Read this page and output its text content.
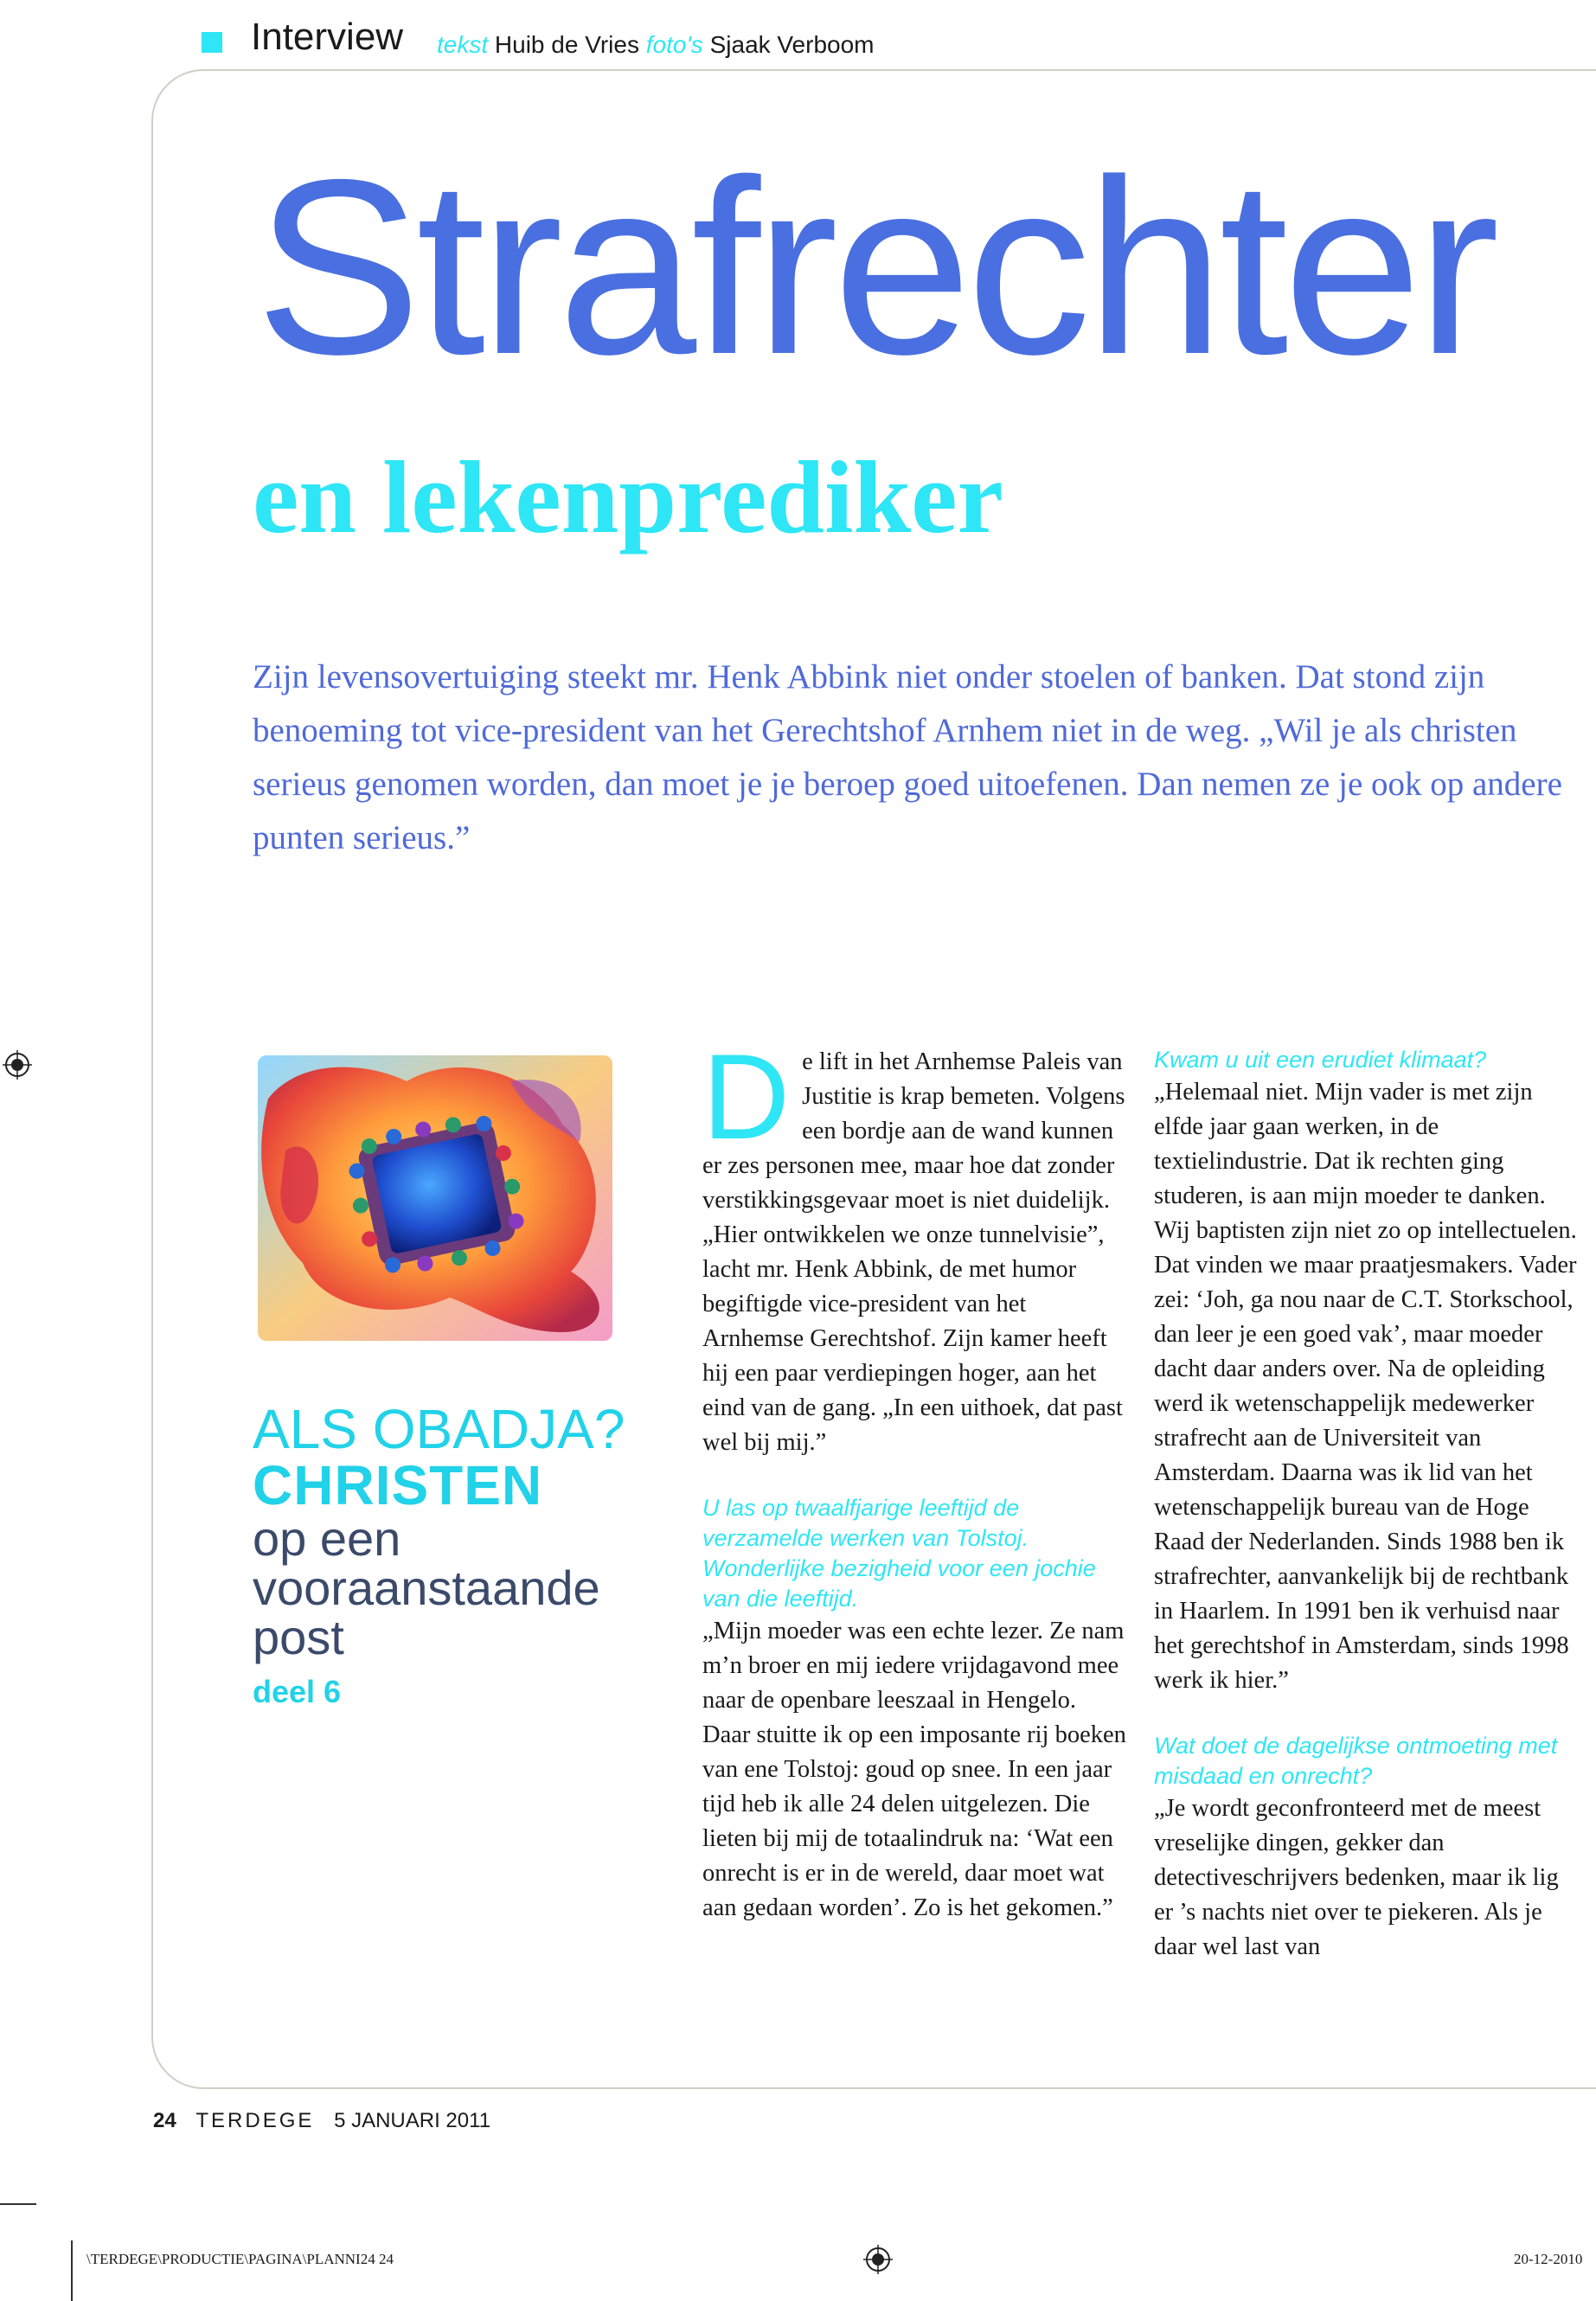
Interview tekst Huib de Vries foto's Sjaak Verboom
Strafrechter
en lekenprediker

Zijn levensovertuiging steekt mr. Henk Abbink niet onder stoelen of banken. Dat stond zijn benoeming tot vice-president van het Gerechtshof Arnhem niet in de weg. „Wil je als christen serieus genomen worden, dan moet je je beroep goed uitoefenen. Dan nemen ze je ook op andere punten serieus.”

ALS OBADJA?
CHRISTEN
op een vooraanstaande post
deel 6
D e lift in het Arnhemse Paleis van Justitie is krap bemeten. Volgens een bordje aan de wand kunnen er zes personen mee, maar hoe dat zonder verstikkingsgevaar moet is niet duidelijk. „Hier ontwikkelen we onze tunnelvisie”, lacht mr. Henk Abbink, de met humor begiftigde vice-president van het Arnhemse Gerechtshof. Zijn kamer heeft hij een paar verdiepingen hoger, aan het eind van de gang. „In een uithoek, dat past wel bij mij.”

U las op twaalfjarige leeftijd de verzamelde werken van Tolstoj. Wonderlijke bezigheid voor een jochie van die leeftijd.

„Mijn moeder was een echte lezer. Ze nam m’n broer en mij iedere vrijdagavond mee naar de openbare leeszaal in Hengelo. Daar stuitte ik op een imposante rij boeken van ene Tolstoj: goud op snee. In een jaar tijd heb ik alle 24 delen uitgelezen. Die lieten bij mij de totaalindruk na: ‘Wat een onrecht is er in de wereld, daar moet wat aan gedaan worden’. Zo is het gekomen.”

Kwam u uit een erudiet klimaat?

„Helemaal niet. Mijn vader is met zijn elfde jaar gaan werken, in de textielindustrie. Dat ik rechten ging studeren, is aan mijn moeder te danken. Wij baptisten zijn niet zo op intellectuelen. Dat vinden we maar praatjesmakers. Vader zei: ‘Joh, ga nou naar de C.T. Storkschool, dan leer je een goed vak’, maar moeder dacht daar anders over. Na de opleiding werd ik wetenschappelijk medewerker strafrecht aan de Universiteit van Amsterdam. Daarna was ik lid van het wetenschappelijk bureau van de Hoge Raad der Nederlanden. Sinds 1988 ben ik strafrechter, aanvankelijk bij de rechtbank in Haarlem. In 1991 ben ik verhuisd naar het gerechtshof in Amsterdam, sinds 1998 werk ik hier.”

Wat doet de dagelijkse ontmoeting met misdaad en onrecht?

„Je wordt geconfronteerd met de meest vreselijke dingen, gekker dan detectiveschrijvers bedenken, maar ik lig er ’s nachts niet over te piekeren. Als je daar wel last van

24 TERDEGE 5 JANUARI 2011
\TERDEGE\PRODUCTIE\PAGINA\PLANNI24 24	20-12-2010
